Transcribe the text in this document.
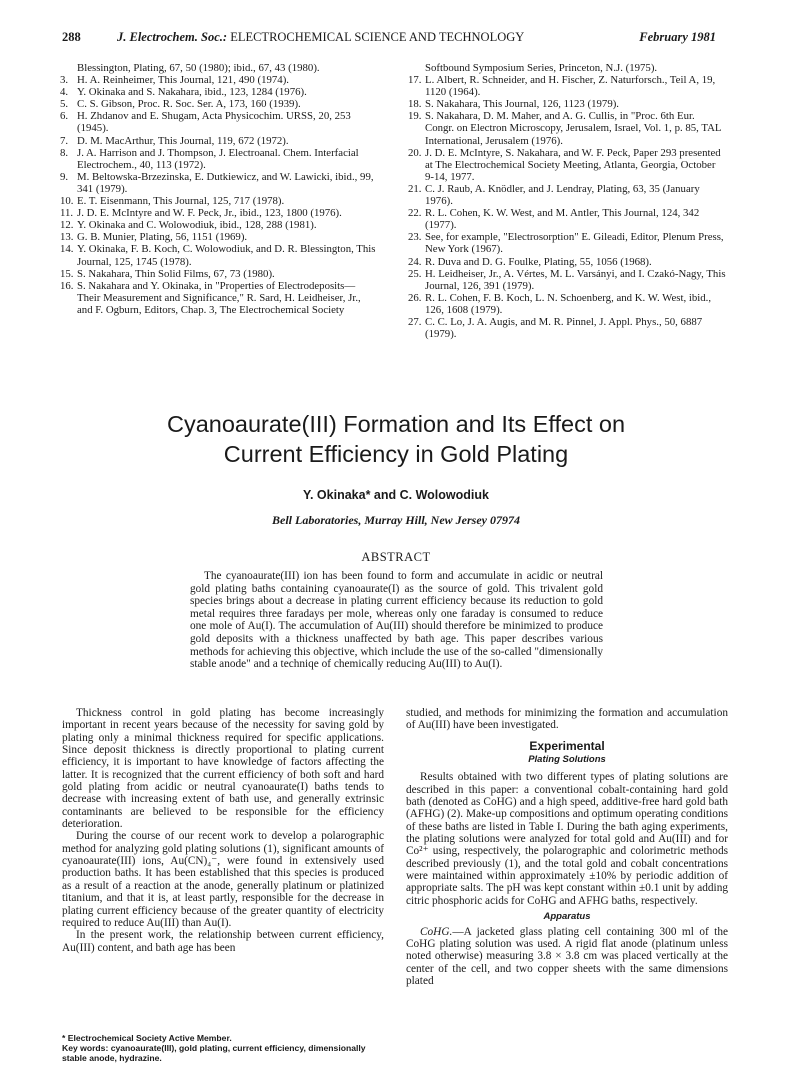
288	J. Electrochem. Soc.: ELECTROCHEMICAL SCIENCE AND TECHNOLOGY	February 1981
Blessington, Plating, 67, 50 (1980); ibid., 67, 43 (1980).
3. H. A. Reinheimer, This Journal, 121, 490 (1974).
4. Y. Okinaka and S. Nakahara, ibid., 123, 1284 (1976).
5. C. S. Gibson, Proc. R. Soc. Ser. A, 173, 160 (1939).
6. H. Zhdanov and E. Shugam, Acta Physicochim. URSS, 20, 253 (1945).
7. D. M. MacArthur, This Journal, 119, 672 (1972).
8. J. A. Harrison and J. Thompson, J. Electroanal. Chem. Interfacial Electrochem., 40, 113 (1972).
9. M. Beltowska-Brzezinska, E. Dutkiewicz, and W. Lawicki, ibid., 99, 341 (1979).
10. E. T. Eisenmann, This Journal, 125, 717 (1978).
11. J. D. E. McIntyre and W. F. Peck, Jr., ibid., 123, 1800 (1976).
12. Y. Okinaka and C. Wolowodiuk, ibid., 128, 288 (1981).
13. G. B. Munier, Plating, 56, 1151 (1969).
14. Y. Okinaka, F. B. Koch, C. Wolowodiuk, and D. R. Blessington, This Journal, 125, 1745 (1978).
15. S. Nakahara, Thin Solid Films, 67, 73 (1980).
16. S. Nakahara and Y. Okinaka, in "Properties of Electrodeposits—Their Measurement and Significance," R. Sard, H. Leidheiser, Jr., and F. Ogburn, Editors, Chap. 3, The Electrochemical Society
Softbound Symposium Series, Princeton, N.J. (1975).
17. L. Albert, R. Schneider, and H. Fischer, Z. Naturforsch., Teil A, 19, 1120 (1964).
18. S. Nakahara, This Journal, 126, 1123 (1979).
19. S. Nakahara, D. M. Maher, and A. G. Cullis, in "Proc. 6th Eur. Congr. on Electron Microscopy, Jerusalem, Israel, Vol. 1, p. 85, TAL International, Jerusalem (1976).
20. J. D. E. McIntyre, S. Nakahara, and W. F. Peck, Paper 293 presented at The Electrochemical Society Meeting, Atlanta, Georgia, October 9-14, 1977.
21. C. J. Raub, A. Knödler, and J. Lendray, Plating, 63, 35 (January 1976).
22. R. L. Cohen, K. W. West, and M. Antler, This Journal, 124, 342 (1977).
23. See, for example, "Electrosorption" E. Gileadi, Editor, Plenum Press, New York (1967).
24. R. Duva and D. G. Foulke, Plating, 55, 1056 (1968).
25. H. Leidheiser, Jr., A. Vértes, M. L. Varsányi, and I. Czakó-Nagy, This Journal, 126, 391 (1979).
26. R. L. Cohen, F. B. Koch, L. N. Schoenberg, and K. W. West, ibid., 126, 1608 (1979).
27. C. C. Lo, J. A. Augis, and M. R. Pinnel, J. Appl. Phys., 50, 6887 (1979).
Cyanoaurate(III) Formation and Its Effect on
Current Efficiency in Gold Plating
Y. Okinaka* and C. Wolowodiuk
Bell Laboratories, Murray Hill, New Jersey 07974
ABSTRACT
The cyanoaurate(III) ion has been found to form and accumulate in acidic or neutral gold plating baths containing cyanoaurate(I) as the source of gold. This trivalent gold species brings about a decrease in plating current efficiency because its reduction to gold metal requires three faradays per mole, whereas only one faraday is consumed to reduce one mole of Au(I). The accumulation of Au(III) should therefore be minimized to produce gold deposits with a thickness unaffected by bath age. This paper describes various methods for achieving this objective, which include the use of the so-called "dimensionally stable anode" and a techniqe of chemically reducing Au(III) to Au(I).

Thickness control in gold plating has become increasingly important in recent years because of the necessity for saving gold by plating only a minimal thickness required for specific applications. Since deposit thickness is directly proportional to plating current efficiency, it is important to have knowledge of factors affecting the latter. It is recognized that the current efficiency of both soft and hard gold plating from acidic or neutral cyanoaurate(I) baths tends to decrease with increasing extent of bath use, and generally extrinsic contaminants are believed to be responsible for the efficiency deterioration.

During the course of our recent work to develop a polarographic method for analyzing gold plating solutions (1), significant amounts of cyanoaurate(III) ions, Au(CN)₄⁻, were found in extensively used production baths. It has been established that this species is produced as a result of a reaction at the anode, generally platinum or platinized titanium, and that it is, at least partly, responsible for the decrease in plating current efficiency because of the greater quantity of electricity required to reduce Au(III) than Au(I).

In the present work, the relationship between current efficiency, Au(III) content, and bath age has been

* Electrochemical Society Active Member.
Key words: cyanoaurate(III), gold plating, current efficiency, dimensionally stable anode, hydrazine.

studied, and methods for minimizing the formation and accumulation of Au(III) have been investigated.

Experimental
Plating Solutions

Results obtained with two different types of plating solutions are described in this paper: a conventional cobalt-containing hard gold bath (denoted as CoHG) and a high speed, additive-free hard gold bath (AFHG) (2). Make-up compositions and optimum operating conditions of these baths are listed in Table I. During the bath aging experiments, the plating solutions were analyzed for total gold and Au(III) and for Co²⁺ using, respectively, the polarographic and colorimetric methods described previously (1), and the total gold and cobalt concentrations were maintained within approximately ±10% by periodic addition of appropriate salts. The pH was kept constant within ±0.1 unit by adding citric phosphoric acids for CoHG and AFHG baths, respectively.

Apparatus

CoHG.—A jacketed glass plating cell containing 300 ml of the CoHG plating solution was used. A rigid flat anode (platinum unless noted otherwise) measuring 3.8 × 3.8 cm was placed vertically at the center of the cell, and two copper sheets with the same dimensions plated
